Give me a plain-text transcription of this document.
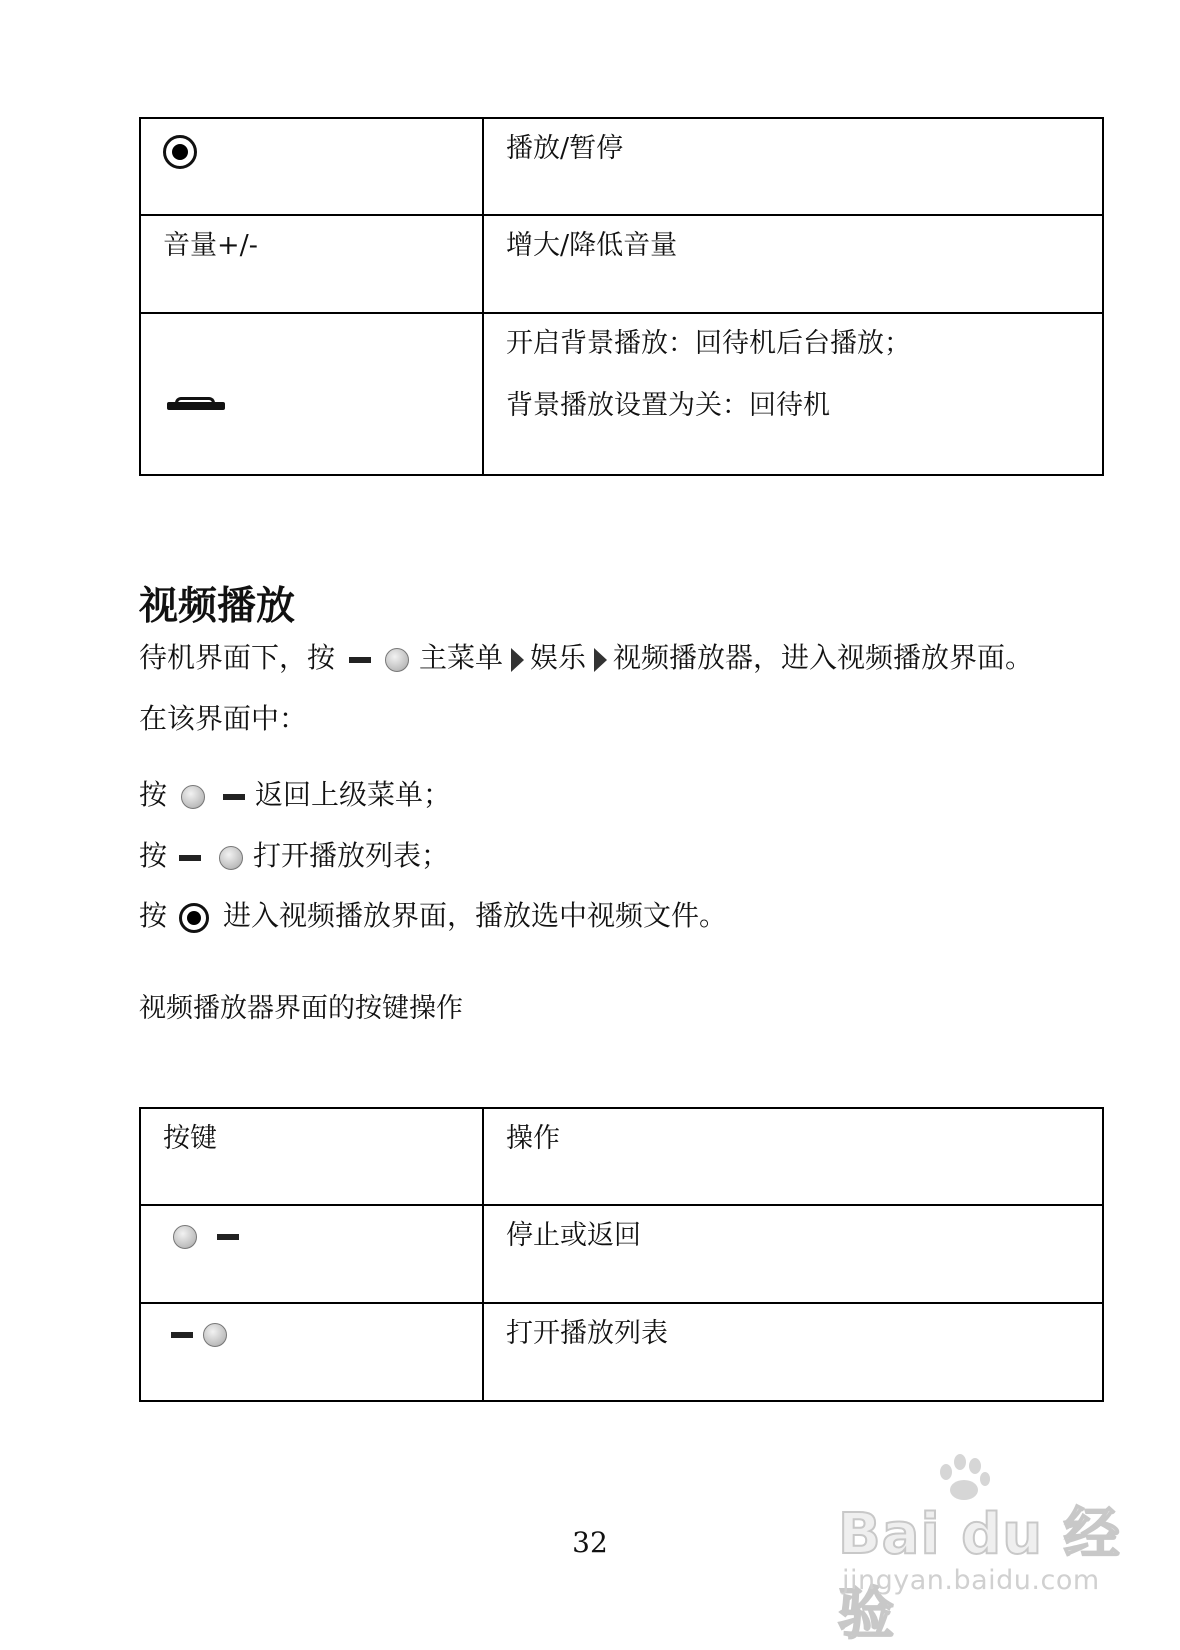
	播放/暂停
音量+/-	增大/降低音量

	开启背景播放：回待机后台播放；
背景播放设置为关：回待机
视频播放
待机界面下，按	主菜单 娱乐 视频播放器，进入视频播放界面。
在该界面中：
按	返回上级菜单；
按	打开播放列表；
按 进入视频播放界面，播放选中视频文件。
视频播放器界面的按键操作
按键	操作
	停止或返回
	打开播放列表
32	Bai du 经验
jingyan.baidu.com
